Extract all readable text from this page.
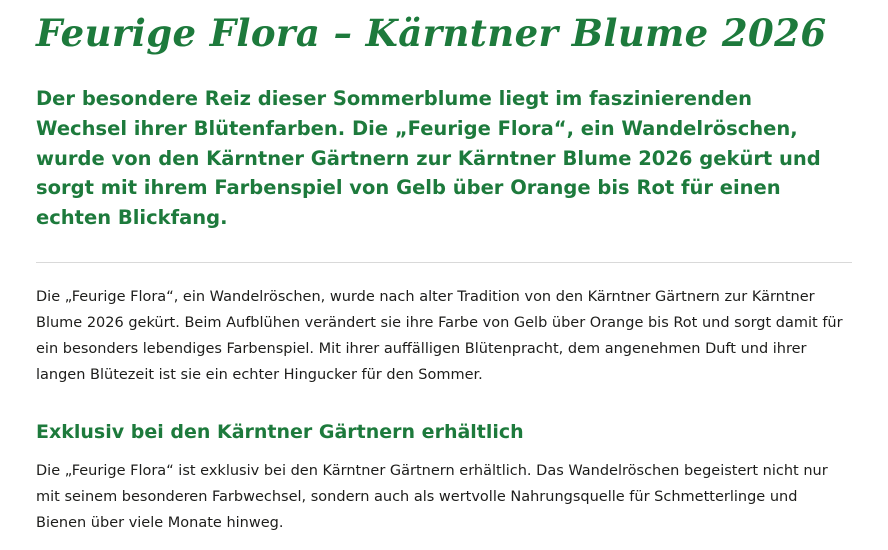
Feurige Flora – Kärntner Blume 2026

Der besondere Reiz dieser Sommerblume liegt im faszinierenden Wechsel ihrer Blütenfarben. Die „Feurige Flora“, ein Wandelröschen, wurde von den Kärntner Gärtnern zur Kärntner Blume 2026 gekürt und sorgt mit ihrem Farbenspiel von Gelb über Orange bis Rot für einen echten Blickfang.

Die „Feurige Flora“, ein Wandelröschen, wurde nach alter Tradition von den Kärntner Gärtnern zur Kärntner Blume 2026 gekürt. Beim Aufblühen verändert sie ihre Farbe von Gelb über Orange bis Rot und sorgt damit für ein besonders lebendiges Farbenspiel. Mit ihrer auffälligen Blütenpracht, dem angenehmen Duft und ihrer langen Blütezeit ist sie ein echter Hingucker für den Sommer.

Exklusiv bei den Kärntner Gärtnern erhältlich

Die „Feurige Flora“ ist exklusiv bei den Kärntner Gärtnern erhältlich. Das Wandelröschen begeistert nicht nur mit seinem besonderen Farbwechsel, sondern auch als wertvolle Nahrungsquelle für Schmetterlinge und Bienen über viele Monate hinweg.
